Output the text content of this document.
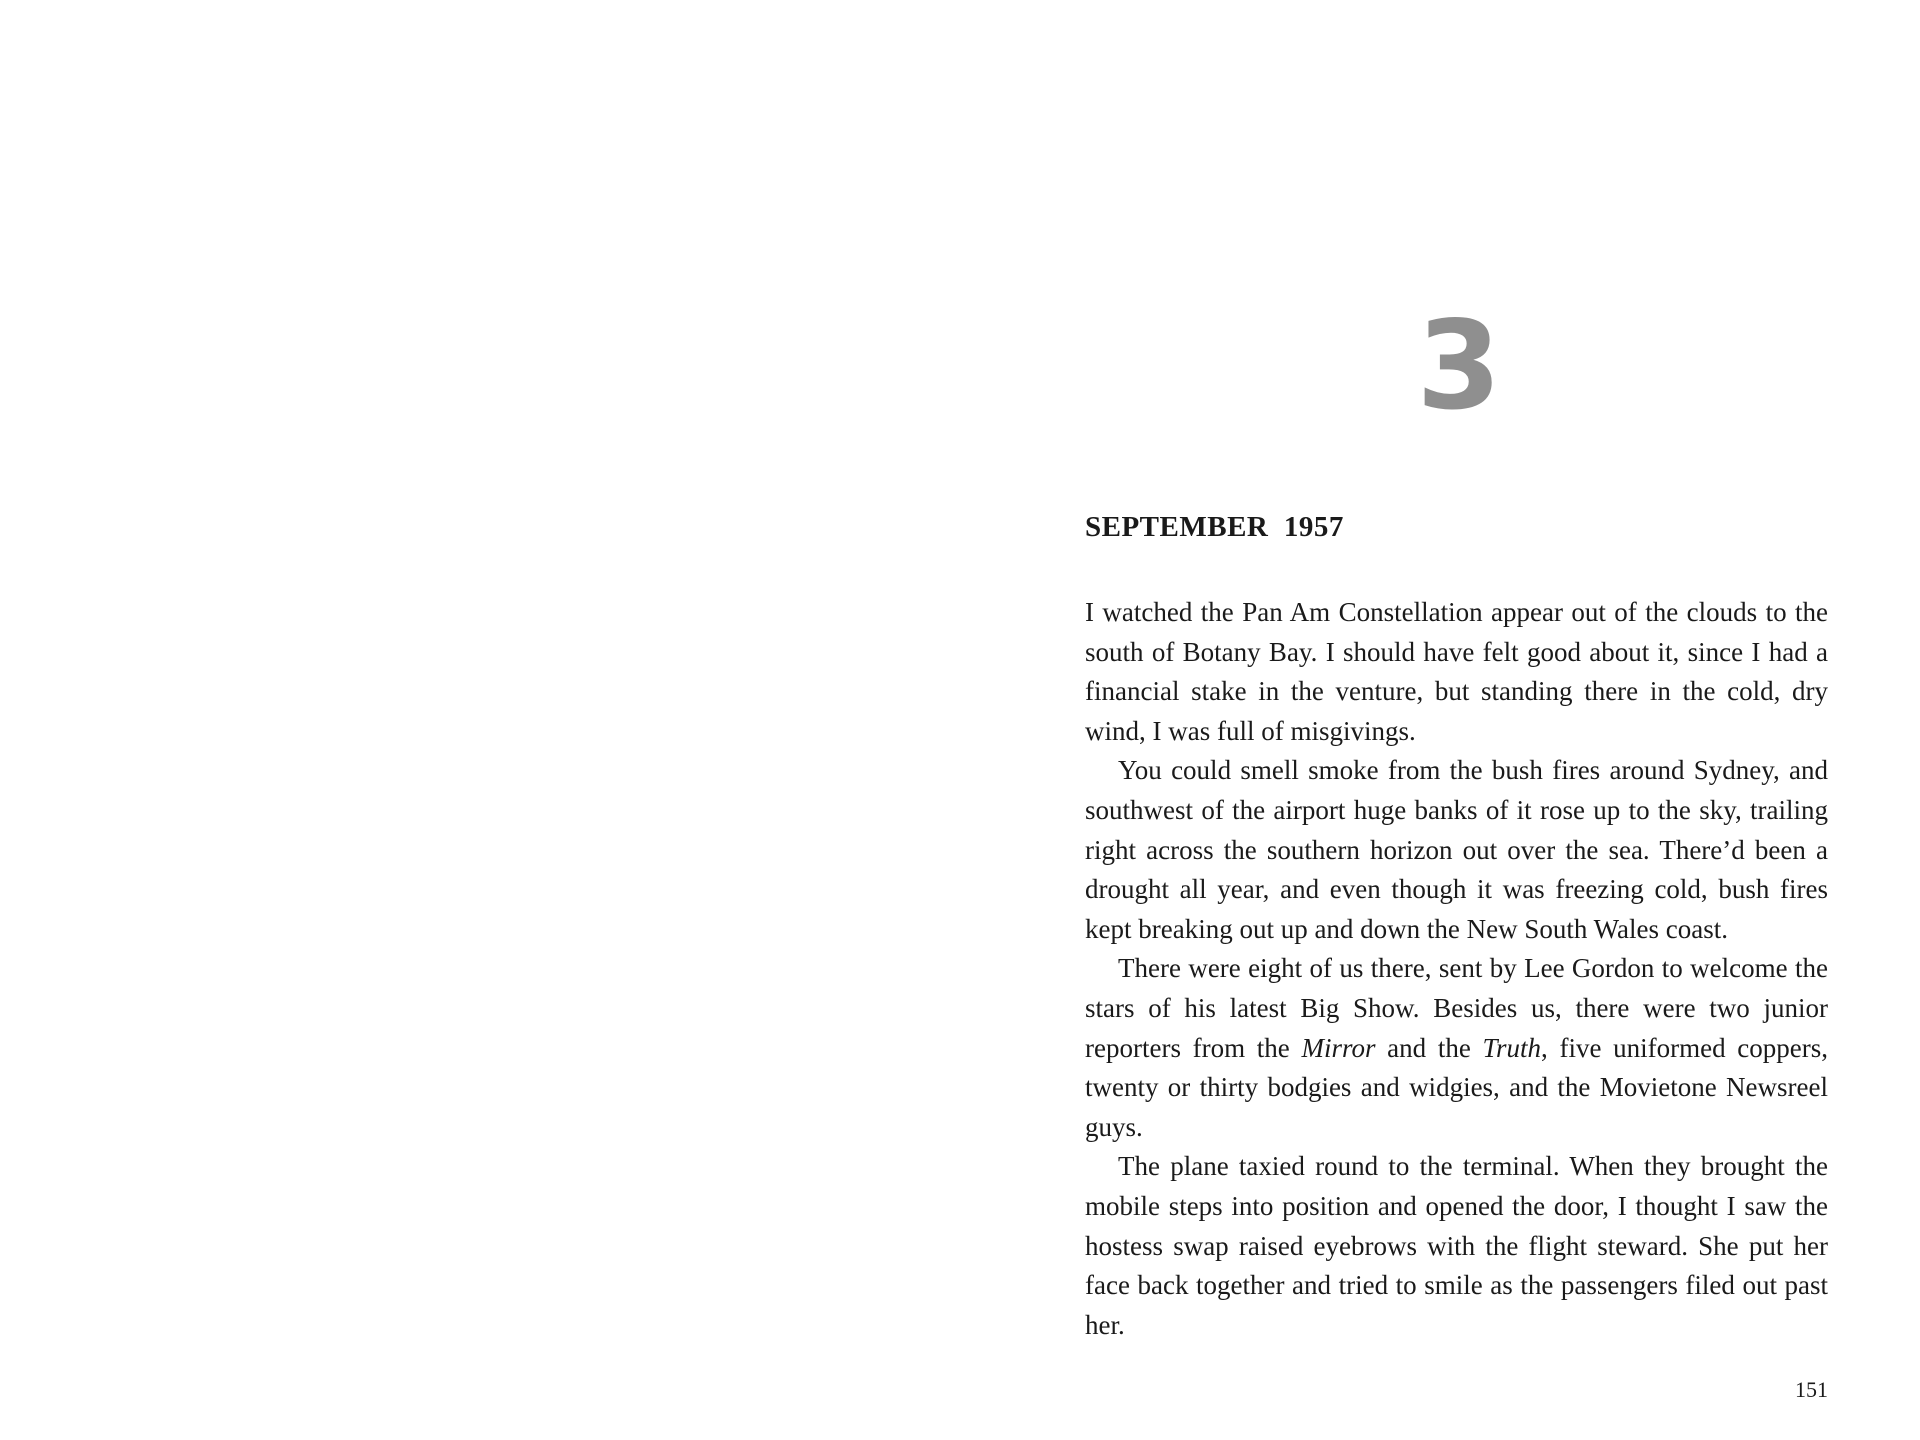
3
SEPTEMBER  1957

I watched the Pan Am Constellation appear out of the clouds to the south of Botany Bay. I should have felt good about it, since I had a financial stake in the venture, but standing there in the cold, dry wind, I was full of misgivings.

You could smell smoke from the bush fires around Sydney, and southwest of the airport huge banks of it rose up to the sky, trailing right across the southern horizon out over the sea. There’d been a drought all year, and even though it was freezing cold, bush fires kept breaking out up and down the New South Wales coast.

There were eight of us there, sent by Lee Gordon to welcome the stars of his latest Big Show. Besides us, there were two junior reporters from the Mirror and the Truth, five uniformed coppers, twenty or thirty bodgies and widgies, and the Movietone Newsreel guys.

The plane taxied round to the terminal. When they brought the mobile steps into position and opened the door, I thought I saw the hostess swap raised eyebrows with the flight steward. She put her face back together and tried to smile as the passengers filed out past her.

151
